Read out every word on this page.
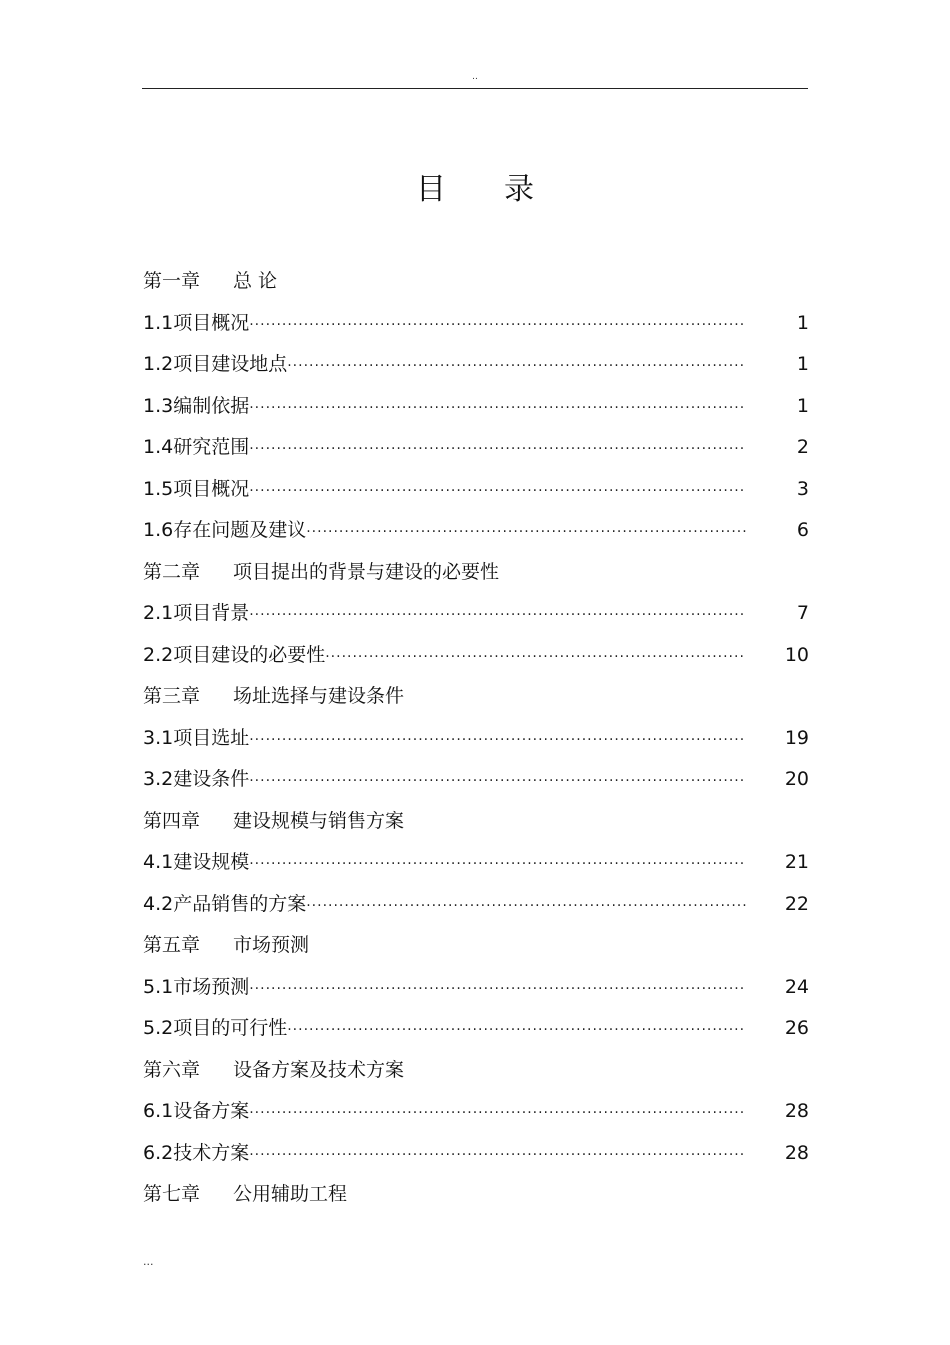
..
目 录
第一章 总 论
1.1 项目概况 ·····	1
1.2 项目建设地点 ·····	1
1.3 编制依据 ·····	1
1.4 研究范围 ·····	2
1.5 项目概况 ·····	3
1.6 存在问题及建议 ·····	6
第二章 项目提出的背景与建设的必要性
2.1 项目背景 ·····	7
2.2 项目建设的必要性 ·····	10
第三章 场址选择与建设条件
3.1 项目选址 ·····	19
3.2 建设条件 ·····	20
第四章 建设规模与销售方案
4.1 建设规模 ·····	21
4.2 产品销售的方案 ·····	22
第五章 市场预测
5.1 市场预测 ·····	24
5.2 项目的可行性 ·····	26
第六章 设备方案及技术方案
6.1 设备方案 ·····	28
6.2 技术方案 ·····	28
第七章 公用辅助工程
...
